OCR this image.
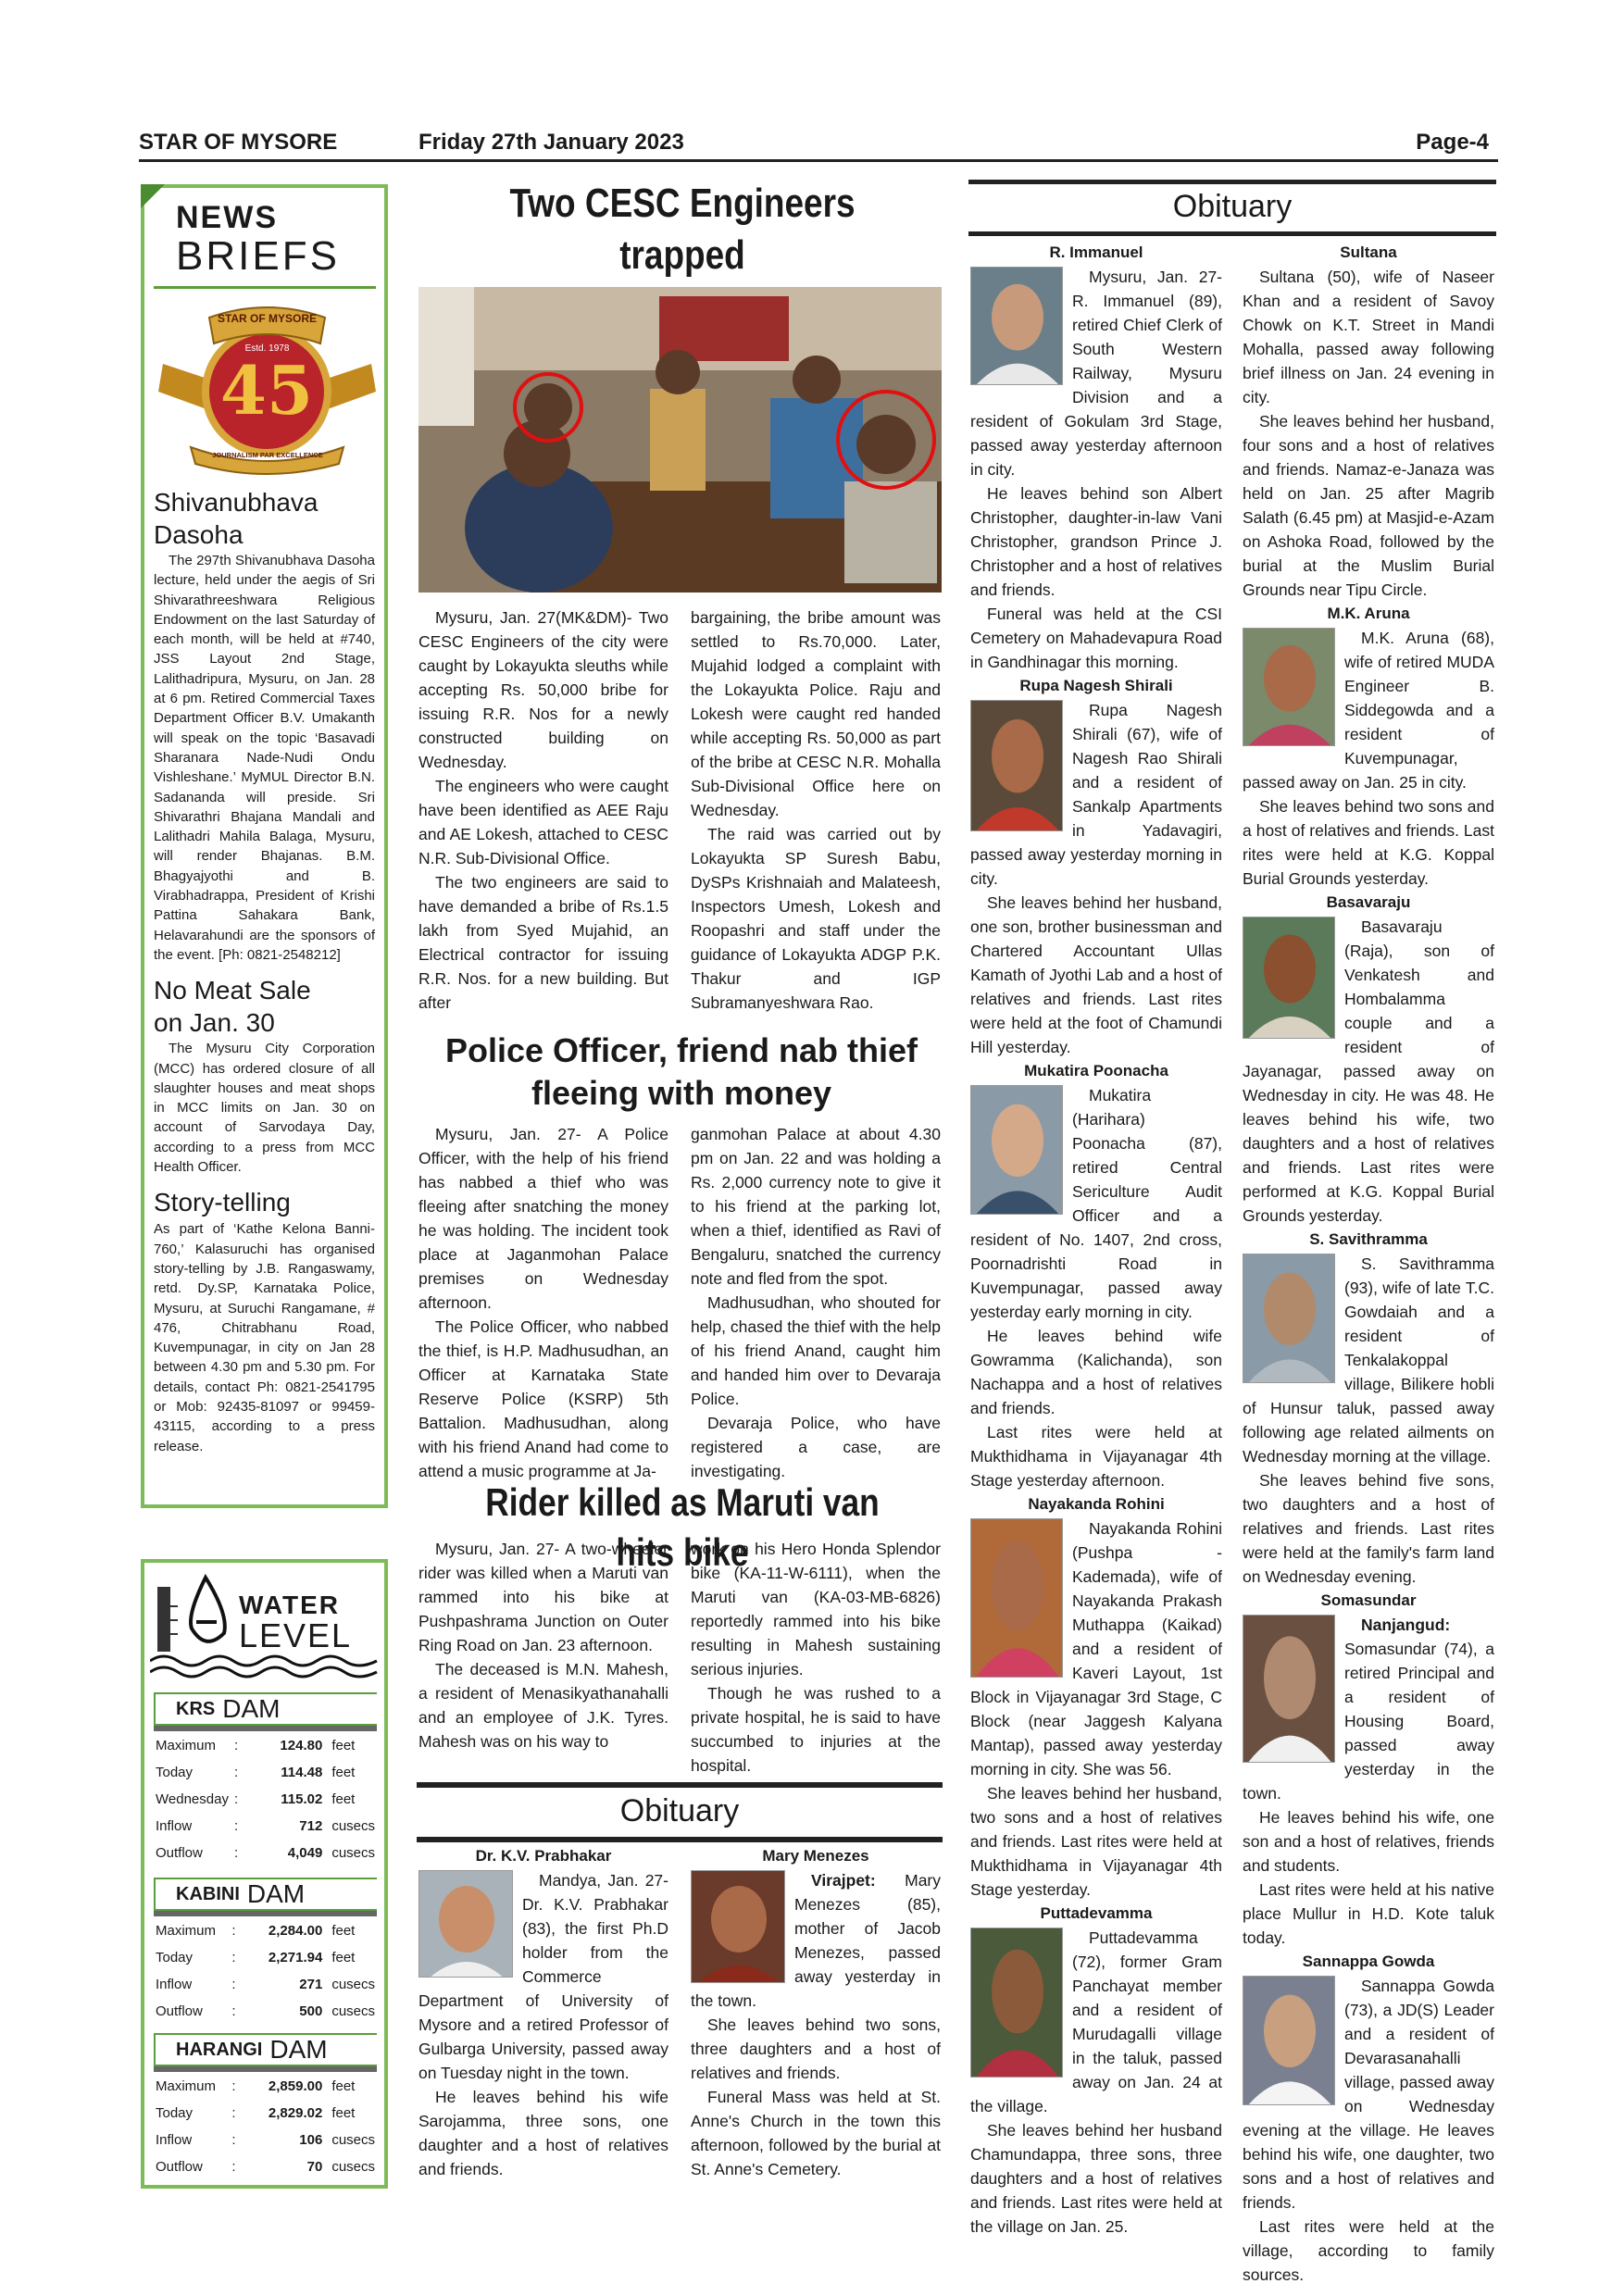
STAR OF MYSORE	Friday 27th January 2023	Page-4
NEWS
BRIEFS
STAR OF MYSORE
Estd. 1978
45
JOURNALISM PAR EXCELLENCE
Shivanubhava
Dasoha

The 297th Shivanubhava Dasoha lecture, held under the aegis of Sri Shivarathreeshwara Religious Endowment on the last Saturday of each month, will be held at #740, JSS Layout 2nd Stage, Lalithadripura, Mysuru, on Jan. 28 at 6 pm. Retired Commercial Taxes Department Officer B.V. Umakanth will speak on the topic ‘Basavadi Sharanara Nade-Nudi Ondu Vishleshane.’ MyMUL Director B.N. Sadananda will preside. Sri Shivarathri Bhajana Mandali and Lalithadri Mahila Balaga, Mysuru, will render Bhajanas. B.M. Bhagyajyothi and B. Virabhadrappa, President of Krishi Pattina Sahakara Bank, Helavarahundi are the sponsors of the event. [Ph: 0821-2548212]

No Meat Sale
on Jan. 30

The Mysuru City Corporation (MCC) has ordered closure of all slaughter houses and meat shops in MCC limits on Jan. 30 on account of Sarvodaya Day, according to a press from MCC Health Officer.

Story-telling

As part of ‘Kathe Kelona Banni-760,’ Kalasuruchi has organised story-telling by J.B. Rangaswamy, retd. Dy.SP, Karnataka Police, Mysuru, at Suruchi Rangamane, # 476, Chitrabhanu Road, Kuvempunagar, in city on Jan 28 between 4.30 pm and 5.30 pm. For details, contact Ph: 0821-2541795 or Mob: 92435-81097 or 99459-43115, according to a press release.

WATER
LEVEL
KRS DAM
Maximum	:	124.80	feet
Today	:	114.48	feet
Wednesday	:	115.02	feet
Inflow	:	712	cusecs
Outflow	:	4,049	cusecs
KABINI DAM
Maximum	:	2,284.00	feet
Today	:	2,271.94	feet
Inflow	:	271	cusecs
Outflow	:	500	cusecs
HARANGI DAM
Maximum	:	2,859.00	feet
Today	:	2,829.02	feet
Inflow	:	106	cusecs
Outflow	:	70	cusecs
Two CESC Engineers trapped

Mysuru, Jan. 27(MK&DM)- Two CESC Engineers of the city were caught by Lokayukta sleuths while accepting Rs. 50,000 bribe for issuing R.R. Nos for a newly constructed building on Wednesday.

The engineers who were caught have been identified as AEE Raju and AE Lokesh, attached to CESC N.R. Sub-Divisional Office.

The two engineers are said to have demanded a bribe of Rs.1.5 lakh from Syed Mujahid, an Electrical contractor for issuing R.R. Nos. for a new building. But after

bargaining, the bribe amount was settled to Rs.70,000. Later, Mujahid lodged a complaint with the Lokayukta Police. Raju and Lokesh were caught red handed while accepting Rs. 50,000 as part of the bribe at CESC N.R. Mohalla Sub-Divisional Office here on Wednesday.

The raid was carried out by Lokayukta SP Suresh Babu, DySPs Krishnaiah and Malateesh, Inspectors Umesh, Lokesh and Roopashri and staff under the guidance of Lokayukta ADGP P.K. Thakur and IGP Subramanyeshwara Rao.

Police Officer, friend nab thief
fleeing with money

Mysuru, Jan. 27- A Police Officer, with the help of his friend has nabbed a thief who was fleeing after snatching the money he was holding. The incident took place at Jaganmohan Palace premises on Wednesday afternoon.

The Police Officer, who nabbed the thief, is H.P. Madhusudhan, an Officer at Karnataka State Reserve Police (KSRP) 5th Battalion. Madhusudhan, along with his friend Anand had come to attend a music programme at Ja-

ganmohan Palace at about 4.30 pm on Jan. 22 and was holding a Rs. 2,000 currency note to give it to his friend at the parking lot, when a thief, identified as Ravi of Bengaluru, snatched the currency note and fled from the spot.

Madhusudhan, who shouted for help, chased the thief with the help of his friend Anand, caught him and handed him over to Devaraja Police.

Devaraja Police, who have registered a case, are investigating.

Rider killed as Maruti van hits bike

Mysuru, Jan. 27- A two-wheeler rider was killed when a Maruti van rammed into his bike at Pushpashrama Junction on Outer Ring Road on Jan. 23 afternoon.

The deceased is M.N. Mahesh, a resident of Menasikyathanahalli and an employee of J.K. Tyres. Mahesh was on his way to

work on his Hero Honda Splendor bike (KA-11-W-6111), when the Maruti van (KA-03-MB-6826) reportedly rammed into his bike resulting in Mahesh sustaining serious injuries.

Though he was rushed to a private hospital, he is said to have succumbed to injuries at the hospital.

Obituary
Dr. K.V. Prabhakar

Mandya, Jan. 27- Dr. K.V. Prabhakar (83), the first Ph.D holder from the Commerce Department of University of Mysore and a retired Professor of Gulbarga University, passed away on Tuesday night in the town.

He leaves behind his wife Sarojamma, three sons, one daughter and a host of relatives and friends.

Mary Menezes

Virajpet: Mary Menezes (85), mother of Jacob Menezes, passed away yesterday in the town.

She leaves behind two sons, three daughters and a host of relatives and friends.

Funeral Mass was held at St. Anne's Church in the town this afternoon, followed by the burial at St. Anne's Cemetery.

Obituary
R. Immanuel

Mysuru, Jan. 27- R. Immanuel (89), retired Chief Clerk of South Western Railway, Mysuru Division and a resident of Gokulam 3rd Stage, passed away yesterday afternoon in city.

He leaves behind son Albert Christopher, daughter-in-law Vani Christopher, grandson Prince J. Christopher and a host of relatives and friends.

Funeral was held at the CSI Cemetery on Mahadevapura Road in Gandhinagar this morning.

Rupa Nagesh Shirali

Rupa Nagesh Shirali (67), wife of Nagesh Rao Shirali and a resident of Sankalp Apartments in Yadavagiri, passed away yesterday morning in city.

She leaves behind her husband, one son, brother businessman and Chartered Accountant Ullas Kamath of Jyothi Lab and a host of relatives and friends. Last rites were held at the foot of Chamundi Hill yesterday.

Mukatira Poonacha

Mukatira (Harihara) Poonacha (87), retired Central Sericulture Audit Officer and a resident of No. 1407, 2nd cross, Poornadrishti Road in Kuvempunagar, passed away yesterday early morning in city.

He leaves behind wife Gowramma (Kalichanda), son Nachappa and a host of relatives and friends.

Last rites were held at Mukthidhama in Vijayanagar 4th Stage yesterday afternoon.

Nayakanda Rohini

Nayakanda Rohini (Pushpa - Kademada), wife of Nayakanda Prakash Muthappa (Kaikad) and a resident of Kaveri Layout, 1st Block in Vijayanagar 3rd Stage, C Block (near Jaggesh Kalyana Mantap), passed away yesterday morning in city. She was 56.

She leaves behind her husband, two sons and a host of relatives and friends. Last rites were held at Mukthidhama in Vijayanagar 4th Stage yesterday.

Puttadevamma

Puttadevamma (72), former Gram Panchayat member and a resident of Murudagalli village in the taluk, passed away on Jan. 24 at the village.

She leaves behind her husband Chamundappa, three sons, three daughters and a host of relatives and friends. Last rites were held at the village on Jan. 25.

Sultana

Sultana (50), wife of Naseer Khan and a resident of Savoy Chowk on K.T. Street in Mandi Mohalla, passed away following brief illness on Jan. 24 evening in city.

She leaves behind her husband, four sons and a host of relatives and friends. Namaz-e-Janaza was held on Jan. 25 after Magrib Salath (6.45 pm) at Masjid-e-Azam on Ashoka Road, followed by the burial at the Muslim Burial Grounds near Tipu Circle.

M.K. Aruna

M.K. Aruna (68), wife of retired MUDA Engineer B. Siddegowda and a resident of Kuvempunagar, passed away on Jan. 25 in city.

She leaves behind two sons and a host of relatives and friends. Last rites were held at K.G. Koppal Burial Grounds yesterday.

Basavaraju

Basavaraju (Raja), son of Venkatesh and Hombalamma couple and a resident of Jayanagar, passed away on Wednesday in city. He was 48. He leaves behind his wife, two daughters and a host of relatives and friends. Last rites were performed at K.G. Koppal Burial Grounds yesterday.

S. Savithramma

S. Savithramma (93), wife of late T.C. Gowdaiah and a resident of Tenkalakoppal village, Bilikere hobli of Hunsur taluk, passed away following age related ailments on Wednesday morning at the village.

She leaves behind five sons, two daughters and a host of relatives and friends. Last rites were held at the family's farm land on Wednesday evening.

Somasundar

Nanjangud: Somasundar (74), a retired Principal and a resident of Housing Board, passed away yesterday in the town.

He leaves behind his wife, one son and a host of relatives, friends and students.

Last rites were held at his native place Mullur in H.D. Kote taluk today.

Sannappa Gowda

Sannappa Gowda (73), a JD(S) Leader and a resident of Devarasanahalli village, passed away on Wednesday evening at the village. He leaves behind his wife, one daughter, two sons and a host of relatives and friends.

Last rites were held at the village, according to family sources.
